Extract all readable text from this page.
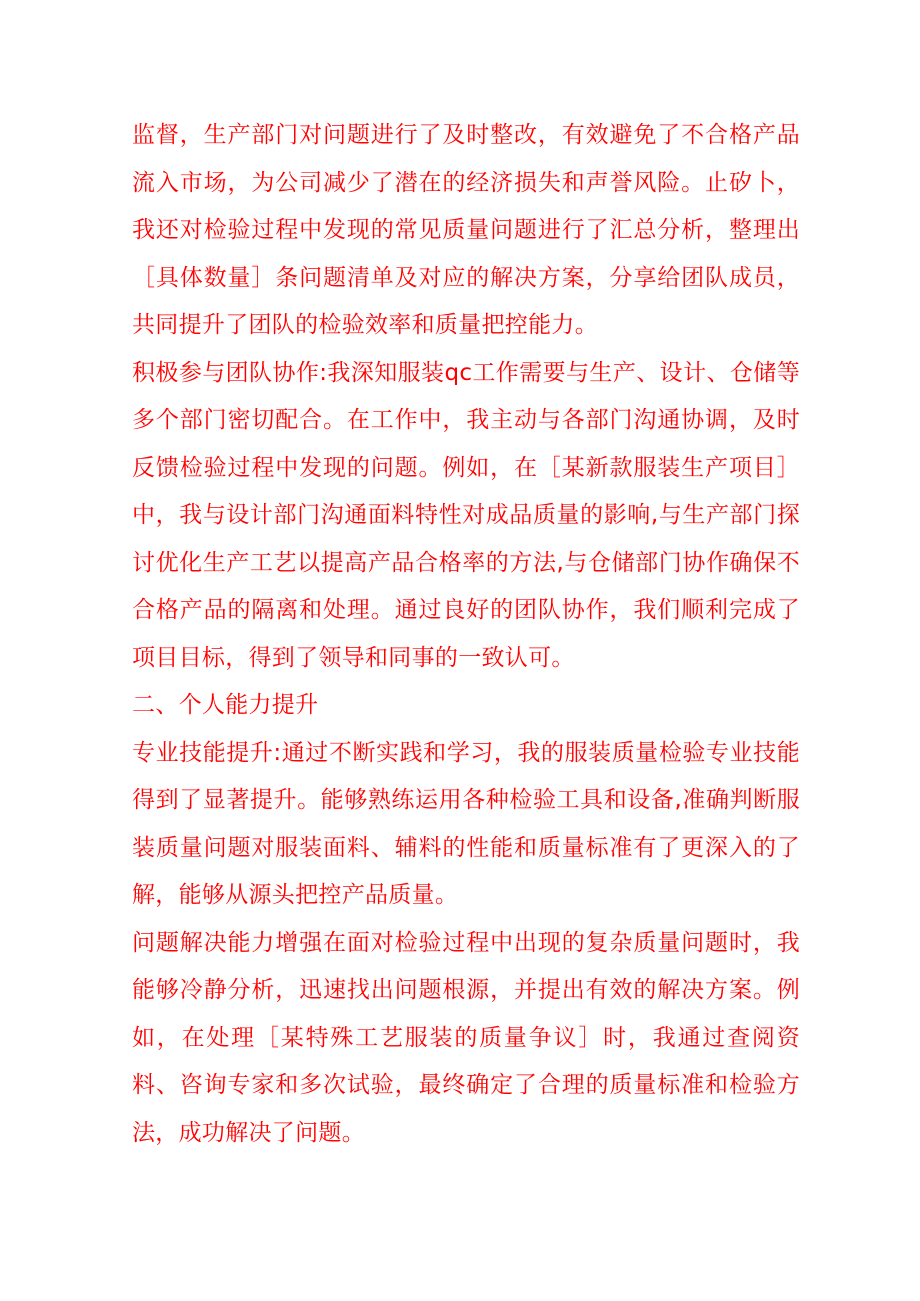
监督，生产部门对问题进行了及时整改，有效避免了不合格产品流入市场，为公司减少了潜在的经济损失和声誉风险。止矽卜，我还对检验过程中发现的常见质量问题进行了汇总分析，整理出［具体数量］条问题清单及对应的解决方案，分享给团队成员，共同提升了团队的检验效率和质量把控能力。

积极参与团队协作:我深知服装qc工作需要与生产、设计、仓储等多个部门密切配合。在工作中，我主动与各部门沟通协调，及时反馈检验过程中发现的问题。例如，在［某新款服装生产项目］中，我与设计部门沟通面料特性对成品质量的影响,与生产部门探讨优化生产工艺以提高产品合格率的方法,与仓储部门协作确保不合格产品的隔离和处理。通过良好的团队协作，我们顺利完成了项目目标，得到了领导和同事的一致认可。

二、个人能力提升

专业技能提升:通过不断实践和学习，我的服装质量检验专业技能得到了显著提升。能够熟练运用各种检验工具和设备,准确判断服装质量问题对服装面料、辅料的性能和质量标准有了更深入的了解，能够从源头把控产品质量。

问题解决能力增强在面对检验过程中出现的复杂质量问题时，我能够冷静分析，迅速找出问题根源，并提出有效的解决方案。例如，在处理［某特殊工艺服装的质量争议］时，我通过查阅资料、咨询专家和多次试验，最终确定了合理的质量标准和检验方法，成功解决了问题。
